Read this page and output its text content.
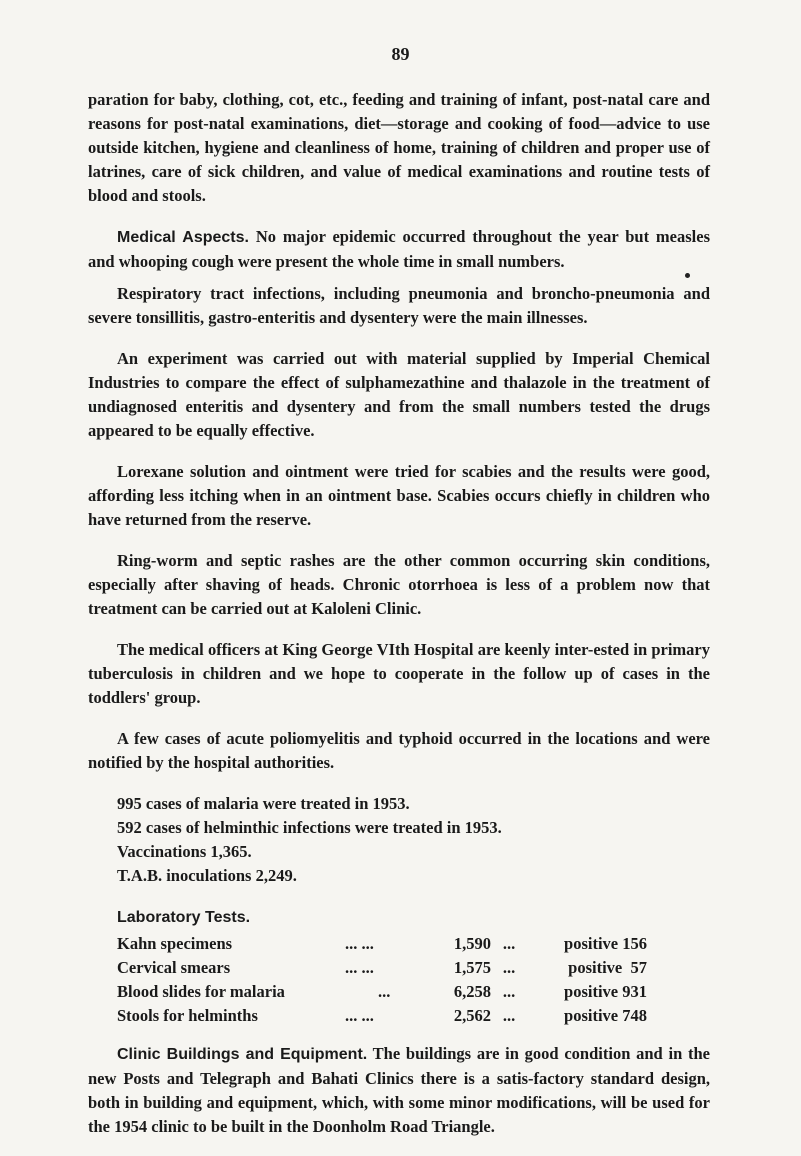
89

paration for baby, clothing, cot, etc., feeding and training of infant, post-natal care and reasons for post-natal examinations, diet—storage and cooking of food—advice to use outside kitchen, hygiene and cleanliness of home, training of children and proper use of latrines, care of sick children, and value of medical examinations and routine tests of blood and stools.

Medical Aspects. No major epidemic occurred throughout the year but measles and whooping cough were present the whole time in small numbers.

Respiratory tract infections, including pneumonia and broncho-pneumonia and severe tonsillitis, gastro-enteritis and dysentery were the main illnesses.

An experiment was carried out with material supplied by Imperial Chemical Industries to compare the effect of sulphamezathine and thalazole in the treatment of undiagnosed enteritis and dysentery and from the small numbers tested the drugs appeared to be equally effective.

Lorexane solution and ointment were tried for scabies and the results were good, affording less itching when in an ointment base. Scabies occurs chiefly in children who have returned from the reserve.

Ring-worm and septic rashes are the other common occurring skin conditions, especially after shaving of heads. Chronic otorrhoea is less of a problem now that treatment can be carried out at Kaloleni Clinic.

The medical officers at King George VIth Hospital are keenly inter-ested in primary tuberculosis in children and we hope to cooperate in the follow up of cases in the toddlers' group.

A few cases of acute poliomyelitis and typhoid occurred in the locations and were notified by the hospital authorities.

995 cases of malaria were treated in 1953.
592 cases of helminthic infections were treated in 1953.
Vaccinations 1,365.
T.A.B. inoculations 2,249.
Laboratory Tests.
Kahn specimens	... ...	1,590	...	positive 156
Cervical smears	... ...	1,575	...	positive  57
Blood slides for malaria	...	6,258	...	positive 931
Stools for helminths	... ...	2,562	...	positive 748

Clinic Buildings and Equipment. The buildings are in good condition and in the new Posts and Telegraph and Bahati Clinics there is a satis-factory standard design, both in building and equipment, which, with some minor modifications, will be used for the 1954 clinic to be built in the Doonholm Road Triangle.
